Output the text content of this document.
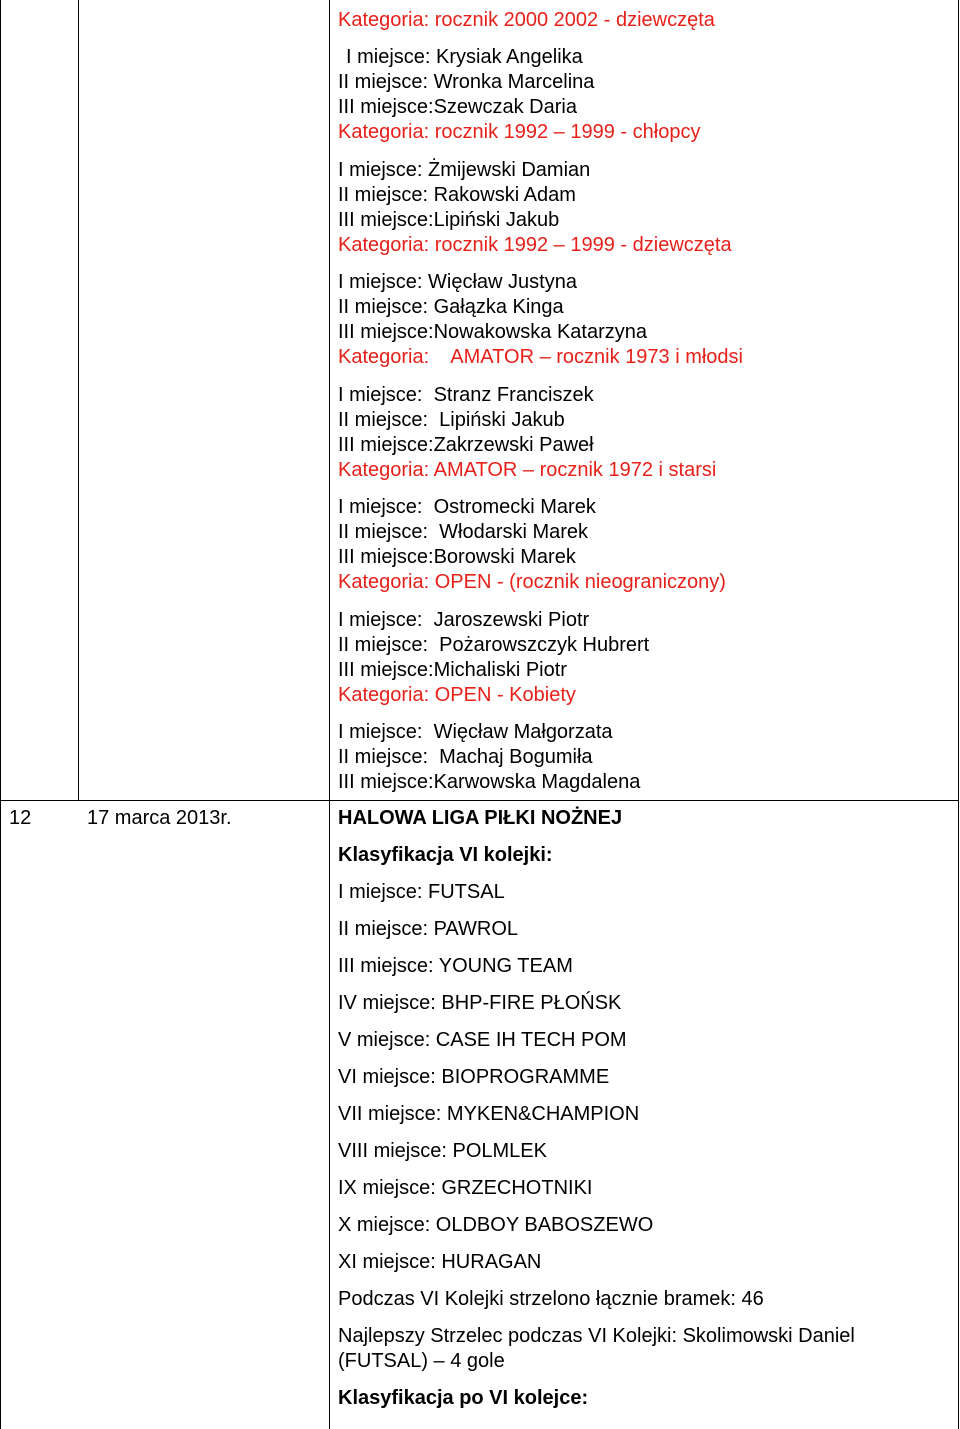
Kategoria: rocznik 2000 2002 - dziewczęta
I miejsce: Krysiak Angelika
II miejsce: Wronka Marcelina
III miejsce:Szewczak Daria
Kategoria: rocznik 1992 – 1999 - chłopcy
I miejsce: Żmijewski Damian
II miejsce: Rakowski Adam
III miejsce:Lipiński Jakub
Kategoria: rocznik 1992 – 1999 - dziewczęta
I miejsce: Więcław Justyna
II miejsce: Gałązka Kinga
III miejsce:Nowakowska Katarzyna
Kategoria:    AMATOR – rocznik 1973 i młodsi
I miejsce:  Stranz Franciszek
II miejsce:  Lipiński Jakub
III miejsce:Zakrzewski Paweł
Kategoria: AMATOR – rocznik 1972 i starsi
I miejsce:  Ostromecki Marek
II miejsce:  Włodarski Marek
III miejsce:Borowski Marek
Kategoria: OPEN - (rocznik nieograniczony)
I miejsce:  Jaroszewski Piotr
II miejsce:  Pożarowszczyk Hubrert
III miejsce:Michaliski Piotr
Kategoria: OPEN - Kobiety
I miejsce:  Więcław Małgorzata
II miejsce:  Machaj Bogumiła
III miejsce:Karwowska Magdalena
12	17 marca 2013r.	HALOWA LIGA PIŁKI NOŻNEJ
Klasyfikacja VI kolejki:
I miejsce: FUTSAL
II miejsce: PAWROL
III miejsce: YOUNG TEAM
IV miejsce: BHP-FIRE PŁOŃSK
V miejsce: CASE IH TECH POM
VI miejsce: BIOPROGRAMME
VII miejsce: MYKEN&CHAMPION
VIII miejsce: POLMLEK
IX miejsce: GRZECHOTNIKI
X miejsce: OLDBOY BABOSZEWO
XI miejsce: HURAGAN
Podczas VI Kolejki strzelono łącznie bramek: 46
Najlepszy Strzelec podczas VI Kolejki: Skolimowski Daniel
(FUTSAL) – 4 gole
Klasyfikacja po VI kolejce:
